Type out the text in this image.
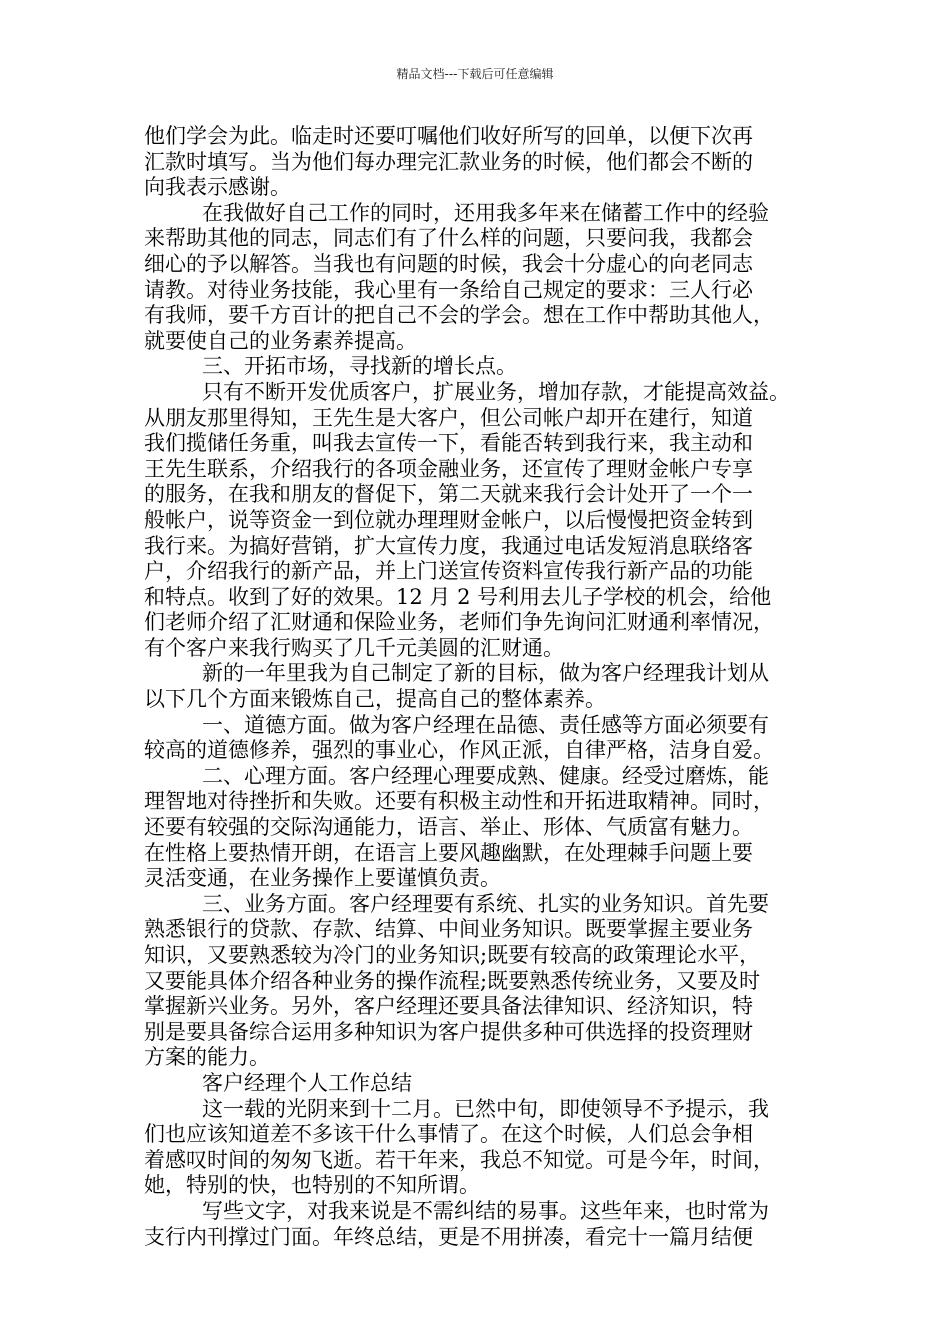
精品文档---下载后可任意编辑
他们学会为此。临走时还要叮嘱他们收好所写的回单，以便下次再
汇款时填写。当为他们每办理完汇款业务的时候，他们都会不断的
向我表示感谢。
在我做好自己工作的同时，还用我多年来在储蓄工作中的经验
来帮助其他的同志，同志们有了什么样的问题，只要问我，我都会
细心的予以解答。当我也有问题的时候，我会十分虚心的向老同志
请教。对待业务技能，我心里有一条给自己规定的要求：三人行必
有我师，要千方百计的把自己不会的学会。想在工作中帮助其他人，
就要使自己的业务素养提高。
三、开拓市场，寻找新的增长点。
只有不断开发优质客户，扩展业务，增加存款，才能提高效益。
从朋友那里得知，王先生是大客户，但公司帐户却开在建行，知道
我们揽储任务重，叫我去宣传一下，看能否转到我行来，我主动和
王先生联系，介绍我行的各项金融业务，还宣传了理财金帐户专享
的服务，在我和朋友的督促下，第二天就来我行会计处开了一个一
般帐户，说等资金一到位就办理理财金帐户，以后慢慢把资金转到
我行来。为搞好营销，扩大宣传力度，我通过电话发短消息联络客
户，介绍我行的新产品，并上门送宣传资料宣传我行新产品的功能
和特点。收到了好的效果。12 月 2 号利用去儿子学校的机会，给他
们老师介绍了汇财通和保险业务，老师们争先询问汇财通利率情况，
有个客户来我行购买了几千元美圆的汇财通。
新的一年里我为自己制定了新的目标，做为客户经理我计划从
以下几个方面来锻炼自己，提高自己的整体素养。
一、道德方面。做为客户经理在品德、责任感等方面必须要有
较高的道德修养，强烈的事业心，作风正派，自律严格，洁身自爱。
二、心理方面。客户经理心理要成熟、健康。经受过磨炼，能
理智地对待挫折和失败。还要有积极主动性和开拓进取精神。同时，
还要有较强的交际沟通能力，语言、举止、形体、气质富有魅力。
在性格上要热情开朗，在语言上要风趣幽默，在处理棘手问题上要
灵活变通，在业务操作上要谨慎负责。
三、业务方面。客户经理要有系统、扎实的业务知识。首先要
熟悉银行的贷款、存款、结算、中间业务知识。既要掌握主要业务
知识，又要熟悉较为冷门的业务知识;既要有较高的政策理论水平，
又要能具体介绍各种业务的操作流程;既要熟悉传统业务，又要及时
掌握新兴业务。另外，客户经理还要具备法律知识、经济知识，特
别是要具备综合运用多种知识为客户提供多种可供选择的投资理财
方案的能力。
客户经理个人工作总结
这一载的光阴来到十二月。已然中旬，即使领导不予提示，我
们也应该知道差不多该干什么事情了。在这个时候，人们总会争相
着感叹时间的匆匆飞逝。若干年来，我总不知觉。可是今年，时间，
她，特别的快，也特别的不知所谓。
写些文字，对我来说是不需纠结的易事。这些年来，也时常为
支行内刊撑过门面。年终总结，更是不用拼凑，看完十一篇月结便
